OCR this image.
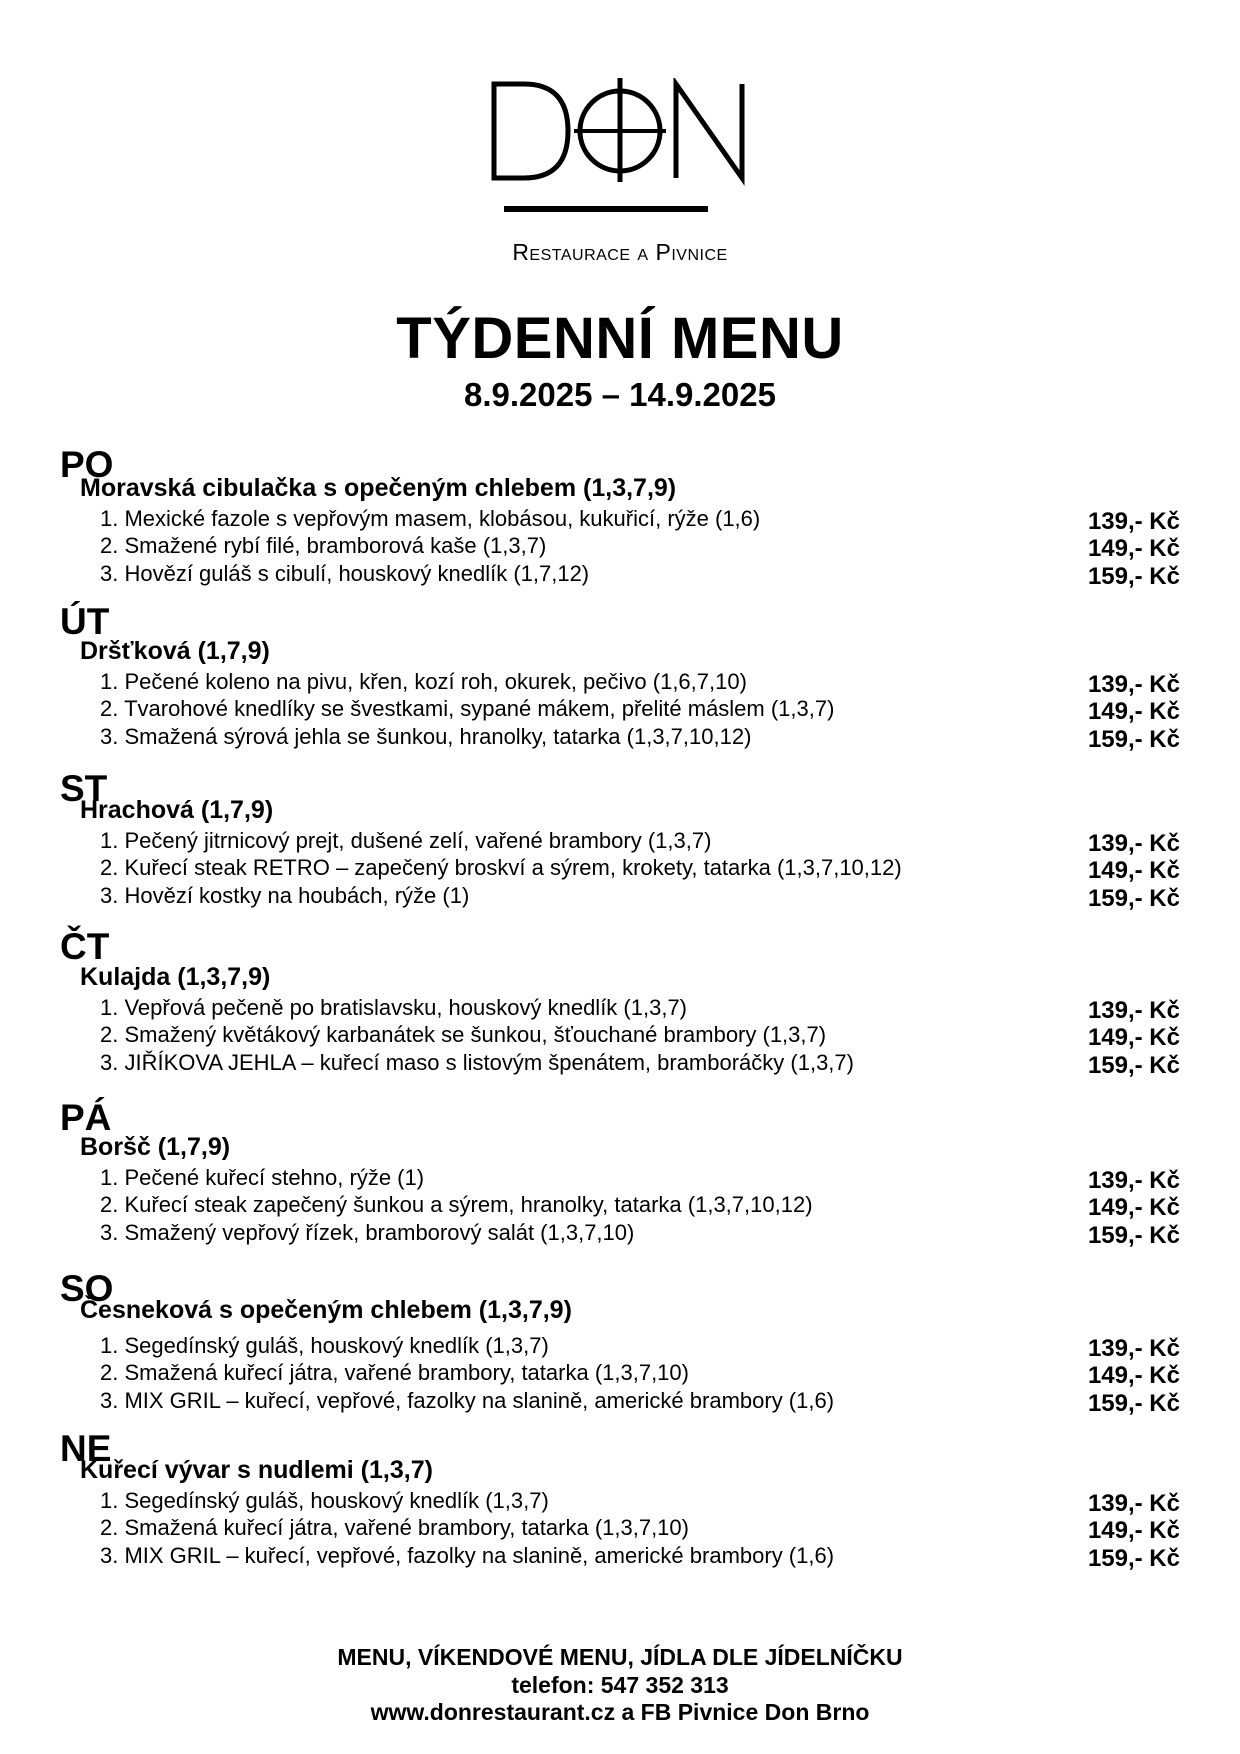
Restaurace a Pivnice
TÝDENNÍ MENU
8.9.2025 – 14.9.2025
PO
Moravská cibulačka s opečeným chlebem (1,3,7,9)
1. Mexické fazole s vepřovým masem, klobásou, kukuřicí, rýže (1,6)	139,- Kč
2. Smažené rybí filé, bramborová kaše (1,3,7)	149,- Kč
3. Hovězí guláš s cibulí, houskový knedlík (1,7,12)	159,- Kč
ÚT
Dršťková (1,7,9)
1. Pečené koleno na pivu, křen, kozí roh, okurek, pečivo (1,6,7,10)	139,- Kč
2. Tvarohové knedlíky se švestkami, sypané mákem, přelité máslem (1,3,7)	149,- Kč
3. Smažená sýrová jehla se šunkou, hranolky, tatarka (1,3,7,10,12)	159,- Kč
ST
Hrachová (1,7,9)
1. Pečený jitrnicový prejt, dušené zelí, vařené brambory (1,3,7)	139,- Kč
2. Kuřecí steak RETRO – zapečený broskví a sýrem, krokety, tatarka (1,3,7,10,12)	149,- Kč
3. Hovězí kostky na houbách, rýže (1)	159,- Kč
ČT
Kulajda (1,3,7,9)
1. Vepřová pečeně po bratislavsku, houskový knedlík (1,3,7)	139,- Kč
2. Smažený květákový karbanátek se šunkou, šťouchané brambory (1,3,7)	149,- Kč
3. JIŘÍKOVA JEHLA – kuřecí maso s listovým špenátem, bramboráčky (1,3,7)	159,- Kč
PÁ
Boršč (1,7,9)
1. Pečené kuřecí stehno, rýže (1)	139,- Kč
2. Kuřecí steak zapečený šunkou a sýrem, hranolky, tatarka (1,3,7,10,12)	149,- Kč
3. Smažený vepřový řízek, bramborový salát (1,3,7,10)	159,- Kč
SO
Česneková s opečeným chlebem (1,3,7,9)
1. Segedínský guláš, houskový knedlík (1,3,7)	139,- Kč
2. Smažená kuřecí játra, vařené brambory, tatarka (1,3,7,10)	149,- Kč
3. MIX GRIL – kuřecí, vepřové, fazolky na slanině, americké brambory (1,6)	159,- Kč
NE
Kuřecí vývar s nudlemi (1,3,7)
1. Segedínský guláš, houskový knedlík (1,3,7)	139,- Kč
2. Smažená kuřecí játra, vařené brambory, tatarka (1,3,7,10)	149,- Kč
3. MIX GRIL – kuřecí, vepřové, fazolky na slanině, americké brambory (1,6)	159,- Kč
MENU, VÍKENDOVÉ MENU, JÍDLA DLE JÍDELNÍČKU
telefon: 547 352 313
www.donrestaurant.cz a FB Pivnice Don Brno
